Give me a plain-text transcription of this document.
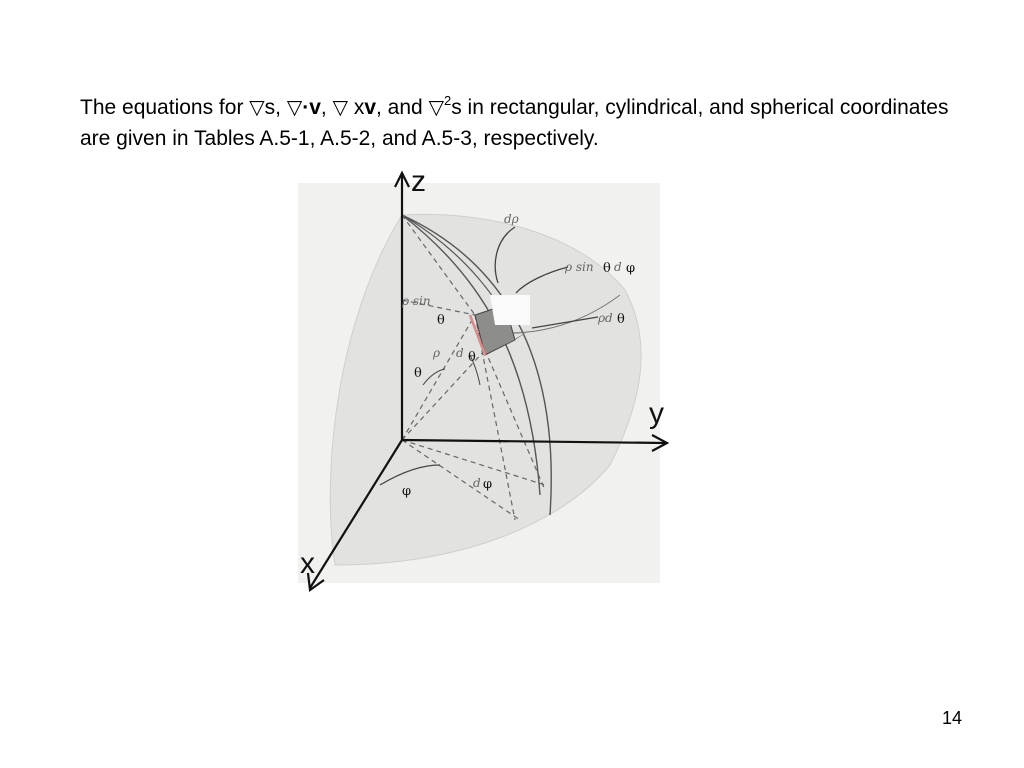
The equations for ▽s, ▽·v, ▽ xv, and ▽$^2$s in rectangular, cylindrical, and spherical coordinates are given in Tables A.5-1, A.5-2, and A.5-3, respectively.
z
y
x
dρ
ρ sin θ d φ
ρd θ
ρ sin
θ
ρ d θ
θ
φ
d φ
14
